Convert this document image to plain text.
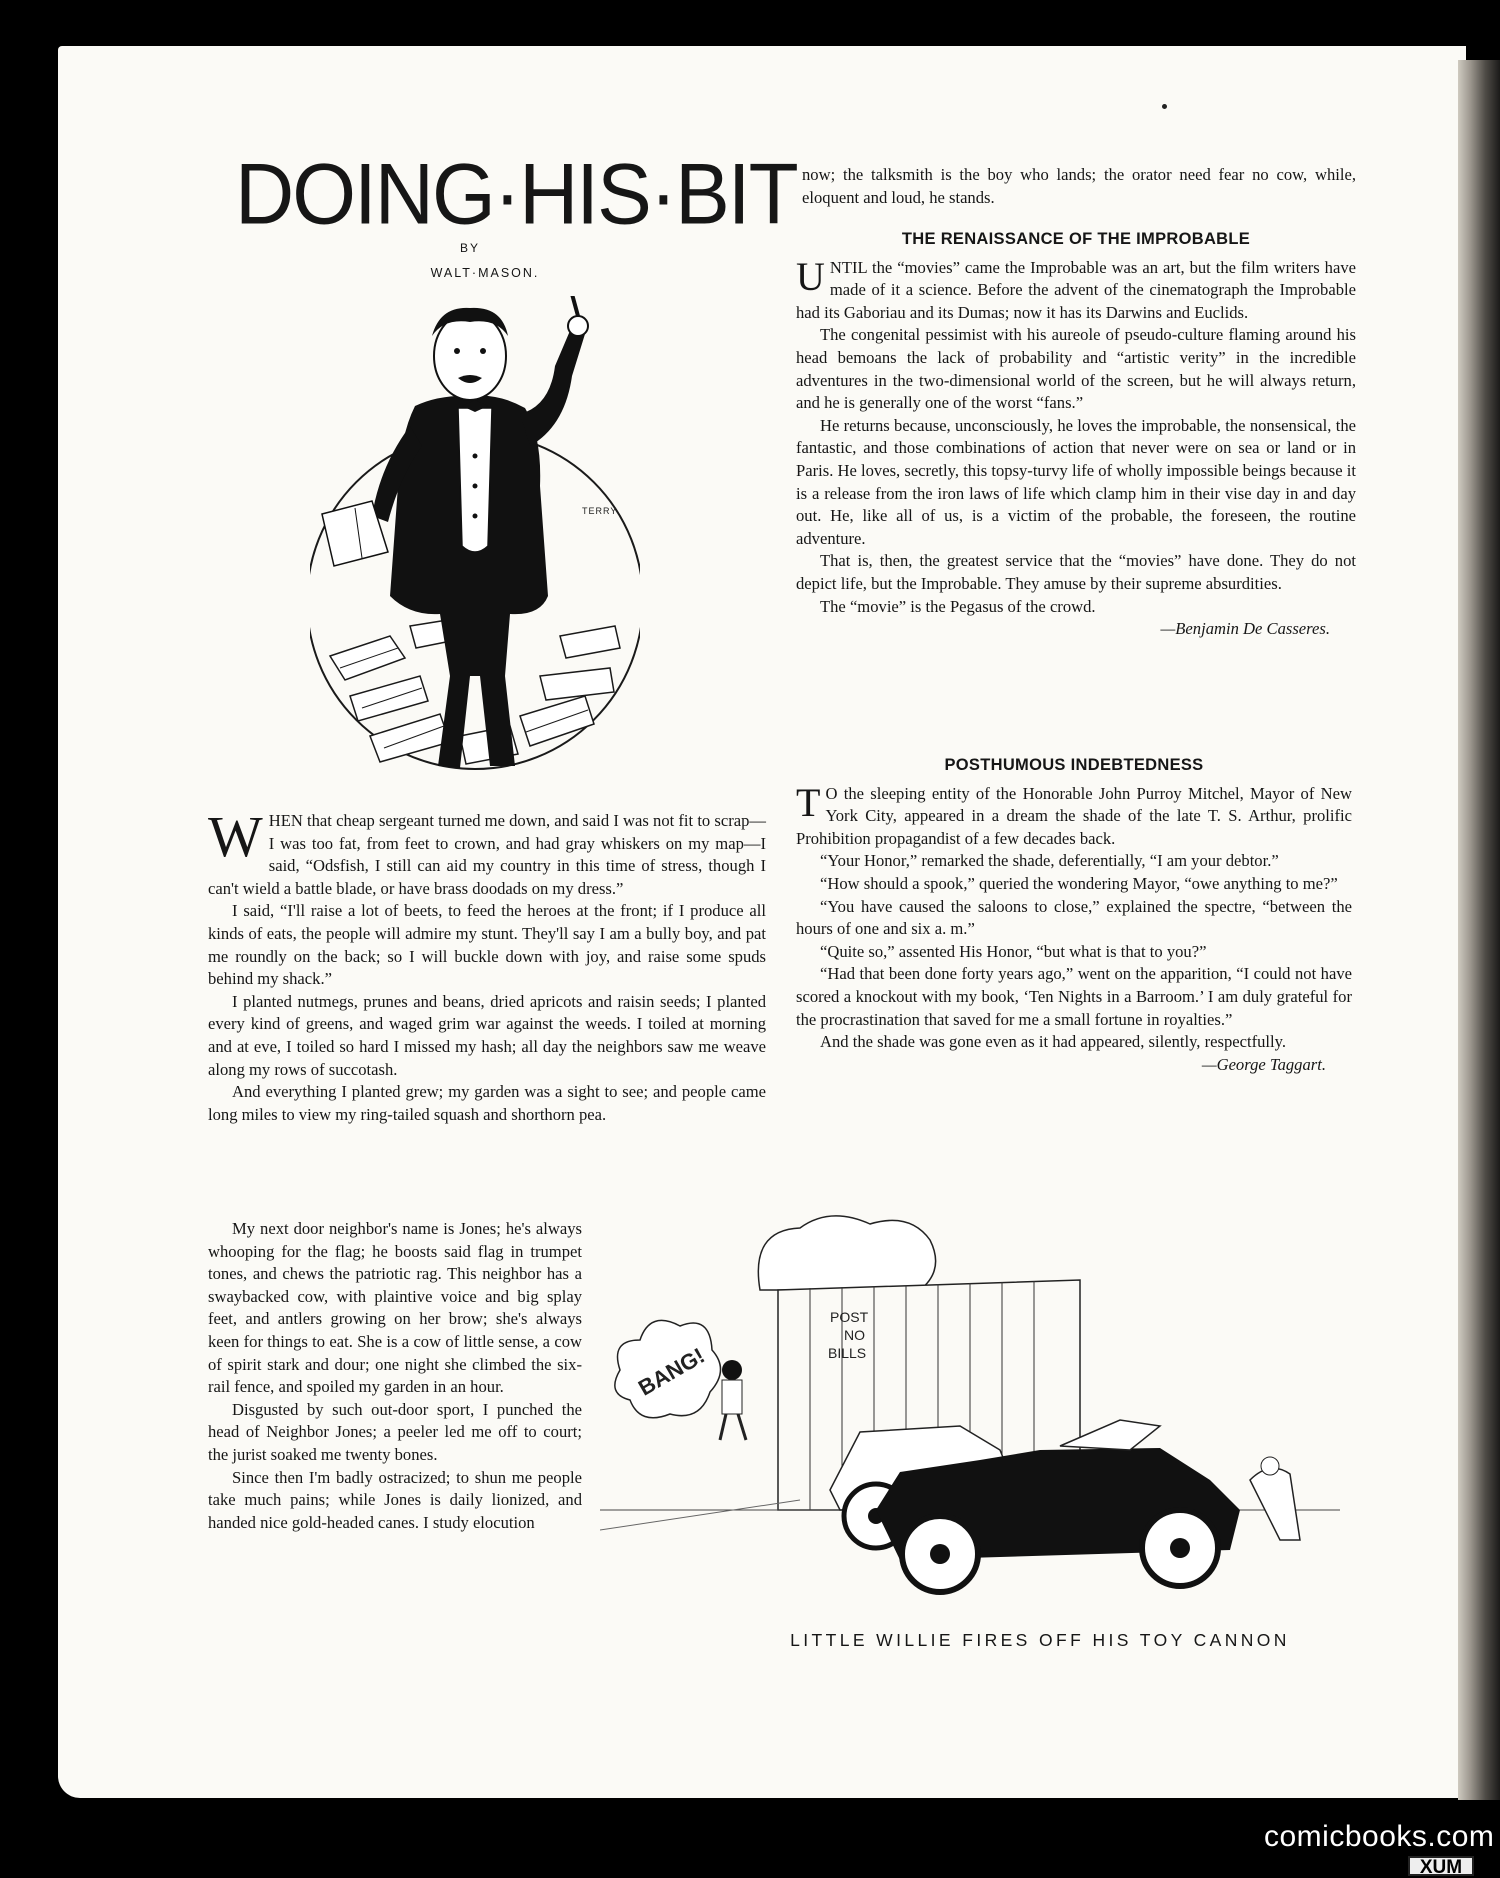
DOING·HIS·BIT
BY
WALT·MASON.
TERRY

WHEN that cheap sergeant turned me down, and said I was not fit to scrap—I was too fat, from feet to crown, and had gray whiskers on my map—I said, “Odsfish, I still can aid my country in this time of stress, though I can't wield a battle blade, or have brass doodads on my dress.”

I said, “I'll raise a lot of beets, to feed the heroes at the front; if I produce all kinds of eats, the people will admire my stunt. They'll say I am a bully boy, and pat me roundly on the back; so I will buckle down with joy, and raise some spuds behind my shack.”

I planted nutmegs, prunes and beans, dried apricots and raisin seeds; I planted every kind of greens, and waged grim war against the weeds. I toiled at morning and at eve, I toiled so hard I missed my hash; all day the neighbors saw me weave along my rows of succotash.

And everything I planted grew; my garden was a sight to see; and people came long miles to view my ring-tailed squash and shorthorn pea.

My next door neighbor's name is Jones; he's always whooping for the flag; he boosts said flag in trumpet tones, and chews the patriotic rag. This neighbor has a swaybacked cow, with plaintive voice and big splay feet, and antlers growing on her brow; she's always keen for things to eat. She is a cow of little sense, a cow of spirit stark and dour; one night she climbed the six-rail fence, and spoiled my garden in an hour.

Disgusted by such out-door sport, I punched the head of Neighbor Jones; a peeler led me off to court; the jurist soaked me twenty bones.

Since then I'm badly ostracized; to shun me people take much pains; while Jones is daily lionized, and handed nice gold-headed canes. I study elocution

now; the talksmith is the boy who lands; the orator need fear no cow, while, eloquent and loud, he stands.

THE RENAISSANCE OF THE IMPROBABLE

UNTIL the “movies” came the Improbable was an art, but the film writers have made of it a science. Before the advent of the cinematograph the Improbable had its Gaboriau and its Dumas; now it has its Darwins and Euclids.

The congenital pessimist with his aureole of pseudo-culture flaming around his head bemoans the lack of probability and “artistic verity” in the incredible adventures in the two-dimensional world of the screen, but he will always return, and he is generally one of the worst “fans.”

He returns because, unconsciously, he loves the improbable, the nonsensical, the fantastic, and those combinations of action that never were on sea or land or in Paris. He loves, secretly, this topsy-turvy life of wholly impossible beings because it is a release from the iron laws of life which clamp him in their vise day in and day out. He, like all of us, is a victim of the probable, the foreseen, the routine adventure.

That is, then, the greatest service that the “movies” have done. They do not depict life, but the Improbable. They amuse by their supreme absurdities.

The “movie” is the Pegasus of the crowd.

—Benjamin De Casseres.
POSTHUMOUS INDEBTEDNESS

T O the sleeping entity of the Honorable John Purroy Mitchel, Mayor of New York City, appeared in a dream the shade of the late T. S. Arthur, prolific Prohibition propagandist of a few decades back.

“Your Honor,” remarked the shade, deferentially, “I am your debtor.”

“How should a spook,” queried the wondering Mayor, “owe anything to me?”

“You have caused the saloons to close,” explained the spectre, “between the hours of one and six a. m.”

“Quite so,” assented His Honor, “but what is that to you?”

“Had that been done forty years ago,” went on the apparition, “I could not have scored a knockout with my book, ‘Ten Nights in a Barroom.’ I am duly grateful for the procrastination that saved for me a small fortune in royalties.”

And the shade was gone even as it had appeared, silently, respectfully.

—George Taggart.
POST
NO
BILLS
BANG!
LITTLE WILLIE FIRES OFF HIS TOY CANNON
comicbooks.com
XUM
